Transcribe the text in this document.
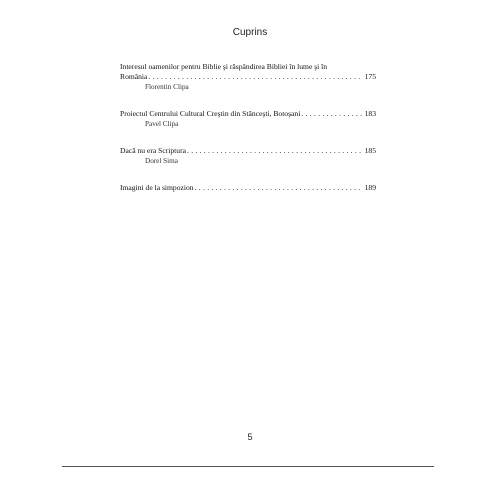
Cuprins
Interesul oamenilor pentru Biblie şi răspândirea Bibliei în lume şi în
România . . .	175
Florentin Clipa
Proiectul Centrului Cultural Creştin din Stănceşti, Botoşani . . .	183
Pavel Clipa
Dacă nu era Scriptura . . .	185
Dorel Sima
Imagini de la simpozion . . .	189
5
